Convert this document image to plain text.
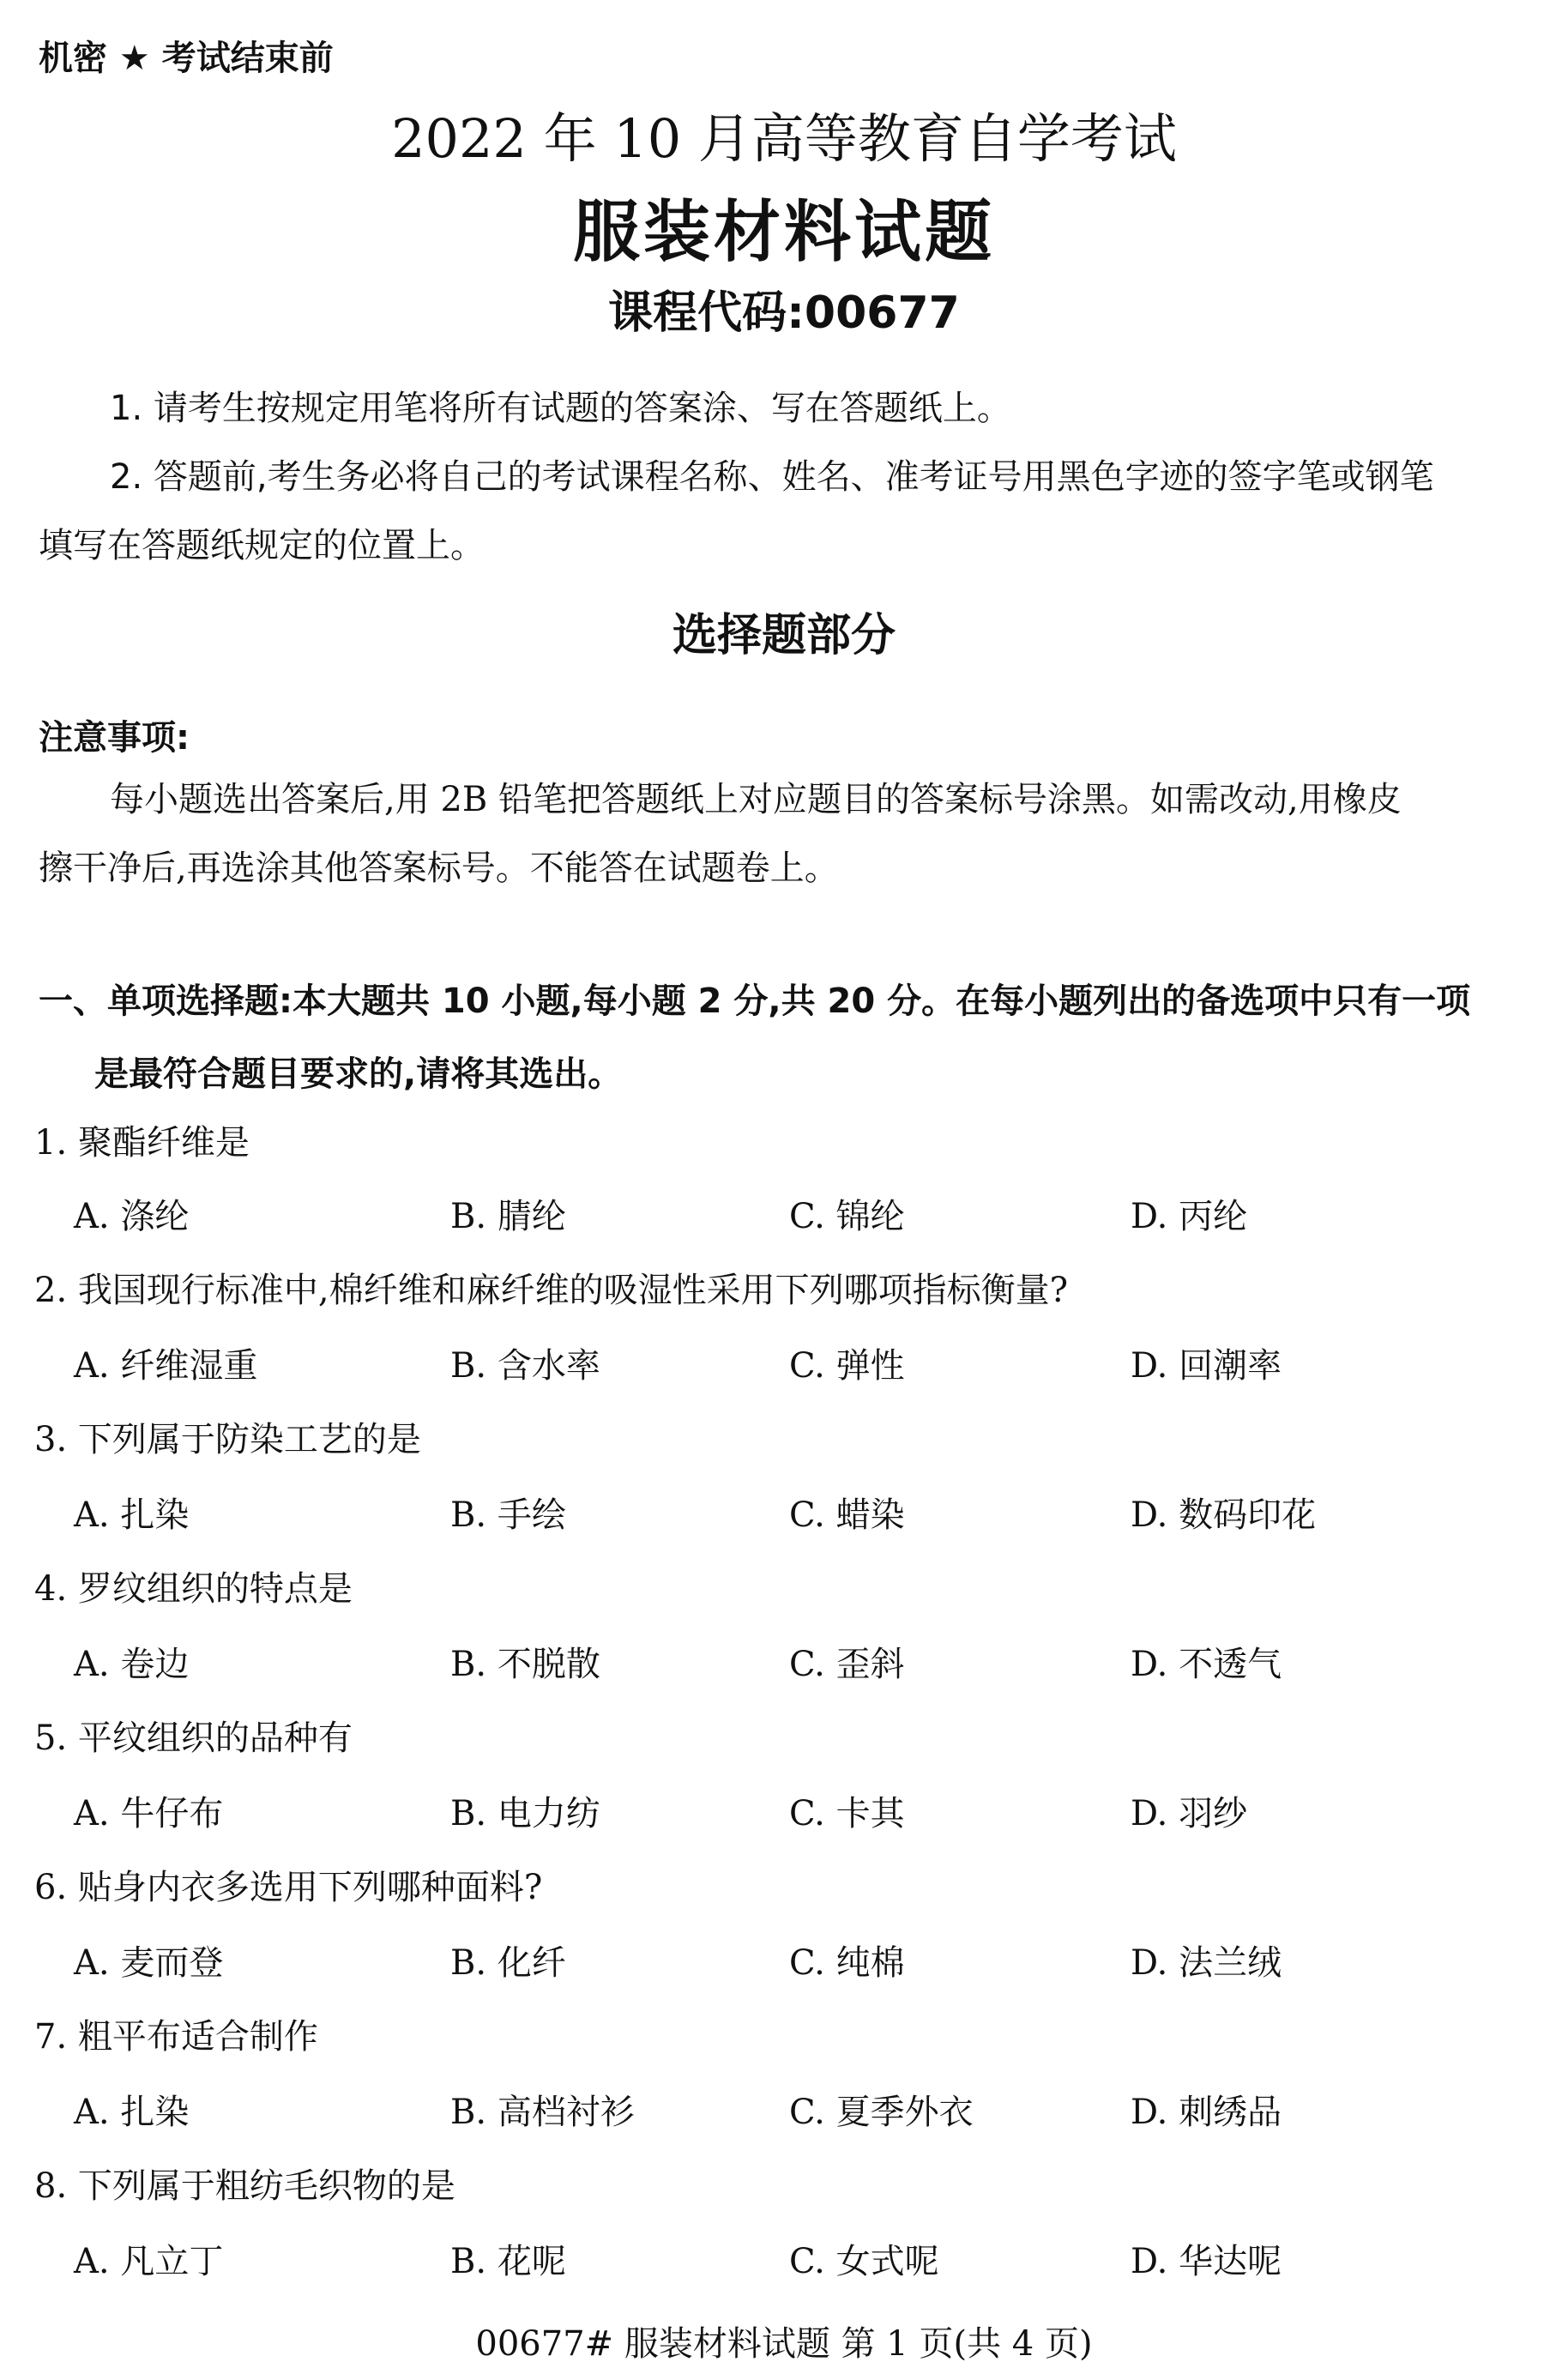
机密 ★ 考试结束前
2022 年 10 月高等教育自学考试
服装材料试题
课程代码:00677
1. 请考生按规定用笔将所有试题的答案涂、写在答题纸上。
2. 答题前,考生务必将自己的考试课程名称、姓名、准考证号用黑色字迹的签字笔或钢笔
填写在答题纸规定的位置上。
选择题部分
注意事项:
每小题选出答案后,用 2B 铅笔把答题纸上对应题目的答案标号涂黑。如需改动,用橡皮
擦干净后,再选涂其他答案标号。不能答在试题卷上。
一、单项选择题:本大题共 10 小题,每小题 2 分,共 20 分。在每小题列出的备选项中只有一项
是最符合题目要求的,请将其选出。
1. 聚酯纤维是
A. 涤纶	B. 腈纶	C. 锦纶	D. 丙纶
2. 我国现行标准中,棉纤维和麻纤维的吸湿性采用下列哪项指标衡量?
A. 纤维湿重	B. 含水率	C. 弹性	D. 回潮率
3. 下列属于防染工艺的是
A. 扎染	B. 手绘	C. 蜡染	D. 数码印花
4. 罗纹组织的特点是
A. 卷边	B. 不脱散	C. 歪斜	D. 不透气
5. 平纹组织的品种有
A. 牛仔布	B. 电力纺	C. 卡其	D. 羽纱
6. 贴身内衣多选用下列哪种面料?
A. 麦而登	B. 化纤	C. 纯棉	D. 法兰绒
7. 粗平布适合制作
A. 扎染	B. 高档衬衫	C. 夏季外衣	D. 刺绣品
8. 下列属于粗纺毛织物的是
A. 凡立丁	B. 花呢	C. 女式呢	D. 华达呢
00677# 服装材料试题 第 1 页(共 4 页)
